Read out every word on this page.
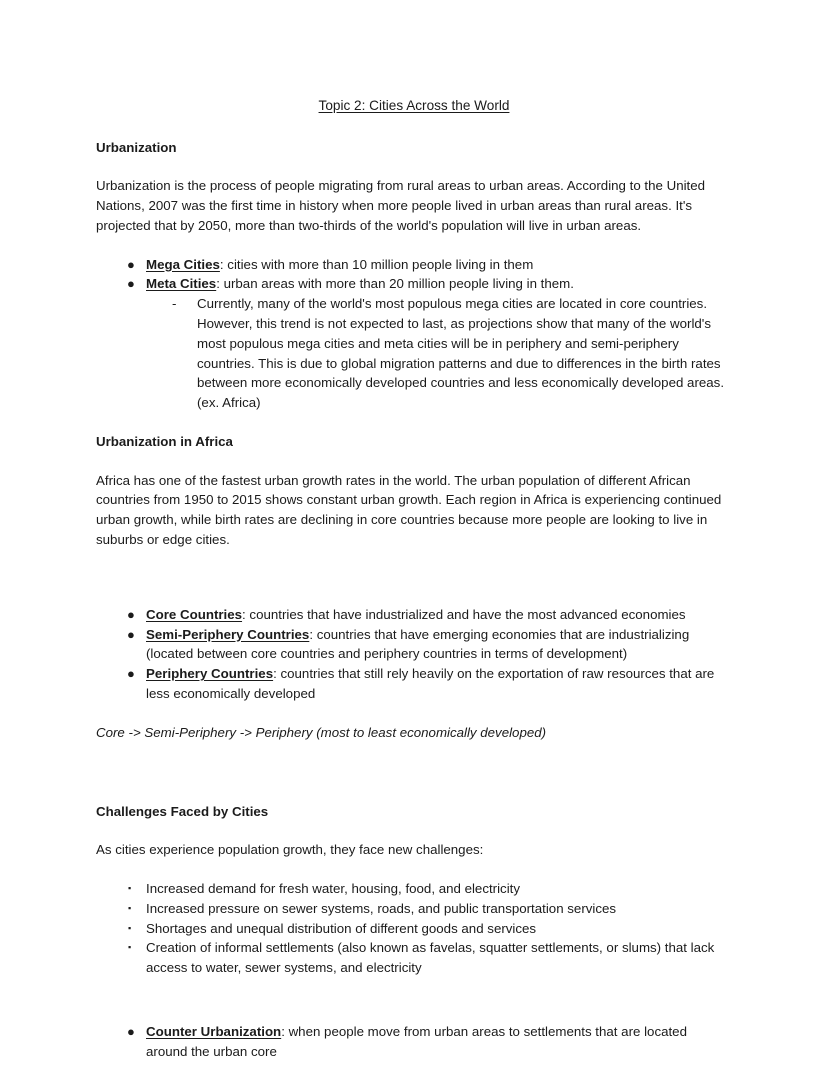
Topic 2: Cities Across the World
Urbanization
Urbanization is the process of people migrating from rural areas to urban areas. According to the United Nations, 2007 was the first time in history when more people lived in urban areas than rural areas. It's projected that by 2050, more than two-thirds of the world's population will live in urban areas.
● Mega Cities: cities with more than 10 million people living in them
● Meta Cities: urban areas with more than 20 million people living in them.
- Currently, many of the world's most populous mega cities are located in core countries. However, this trend is not expected to last, as projections show that many of the world's most populous mega cities and meta cities will be in periphery and semi-periphery countries. This is due to global migration patterns and due to differences in the birth rates between more economically developed countries and less economically developed areas. (ex. Africa)
Urbanization in Africa
Africa has one of the fastest urban growth rates in the world. The urban population of different African countries from 1950 to 2015 shows constant urban growth. Each region in Africa is experiencing continued urban growth, while birth rates are declining in core countries because more people are looking to live in suburbs or edge cities.
● Core Countries: countries that have industrialized and have the most advanced economies
● Semi-Periphery Countries: countries that have emerging economies that are industrializing (located between core countries and periphery countries in terms of development)
● Periphery Countries: countries that still rely heavily on the exportation of raw resources that are less economically developed
Core -> Semi-Periphery -> Periphery (most to least economically developed)
Challenges Faced by Cities
As cities experience population growth, they face new challenges:
▪ Increased demand for fresh water, housing, food, and electricity
▪ Increased pressure on sewer systems, roads, and public transportation services
▪ Shortages and unequal distribution of different goods and services
▪ Creation of informal settlements (also known as favelas, squatter settlements, or slums) that lack access to water, sewer systems, and electricity
● Counter Urbanization: when people move from urban areas to settlements that are located around the urban core
